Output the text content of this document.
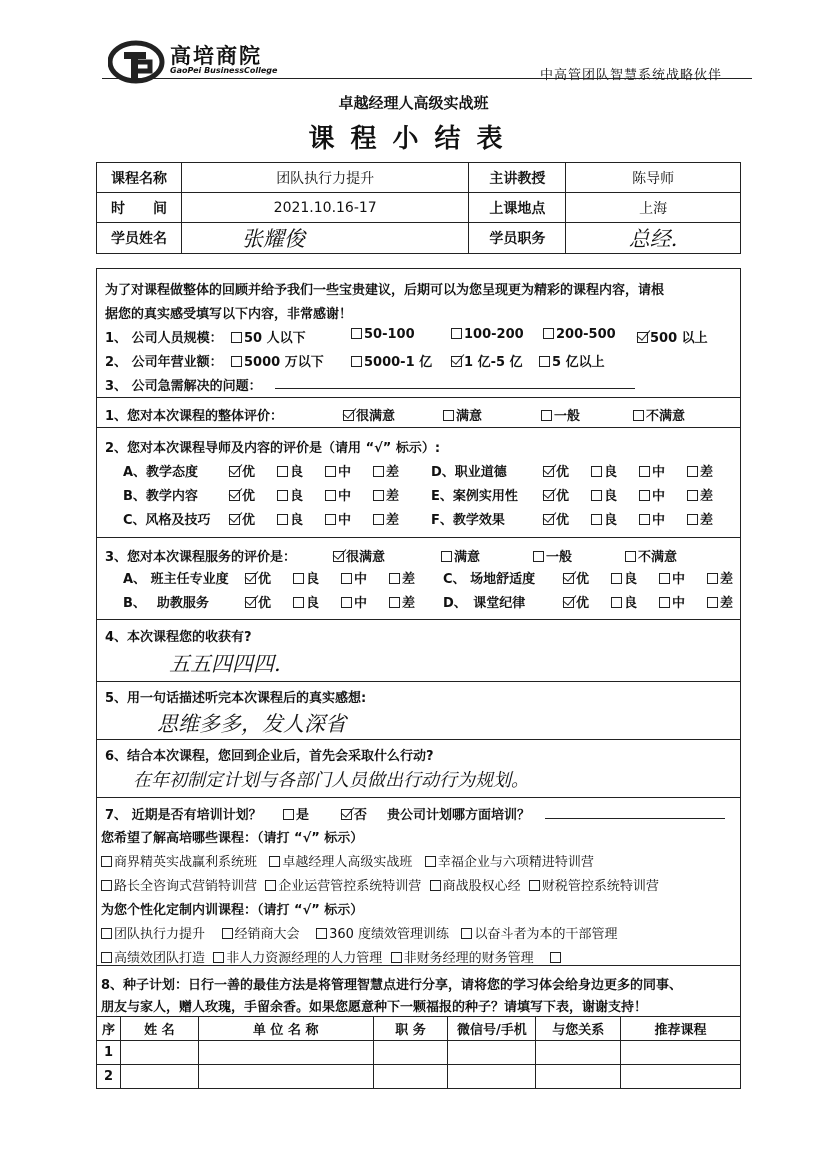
高培商院
GaoPei BusinessCollege	中高管团队智慧系统战略伙伴
卓越经理人高级实战班
课程小结表
课程名称	团队执行力提升	主讲教授	陈导师
时　　间	2021.10.16-17	上课地点	上海
学员姓名	张耀俊	学员职务	总经.
为了对课程做整体的回顾并给予我们一些宝贵建议，后期可以为您呈现更为精彩的课程内容，请根
据您的真实感受填写以下内容，非常感谢！
1、 公司人员规模：	50 人以下	50-100	100-200	200-500	500 以上
2、 公司年营业额：	5000 万以下	5000-1 亿	1 亿-5 亿	5 亿以上
3、 公司急需解决的问题：
1、您对本次课程的整体评价：	很满意	满意	一般	不满意
2、您对本次课程导师及内容的评价是（请用 “√” 标示）:
A、教学态度	优	良	中	差
B、教学内容	优	良	中	差
C、风格及技巧	优	良	中	差
D、职业道德	优	良	中	差
E、案例实用性	优	良	中	差
F、教学效果	优	良	中	差
3、您对本次课程服务的评价是：	很满意	满意	一般	不满意
A、 班主任专业度	优	良	中	差
B、　 助教服务	优	良	中	差
C、 场地舒适度	优	良	中	差
D、　课堂纪律	优	良	中	差
4、本次课程您的收获有?
五五四四四.
5、用一句话描述听完本次课程后的真实感想:
思维多多，发人深省
6、结合本次课程，您回到企业后，首先会采取什么行动?
在年初制定计划与各部门人员做出行动行为规划。
7、 近期是否有培训计划？	是	否 贵公司计划哪方面培训？
您希望了解高培哪些课程：（请打 “√” 标示）
商界精英实战赢利系统班 卓越经理人高级实战班 幸福企业与六项精进特训营
路长全咨询式营销特训营 企业运营管控系统特训营 商战股权心经 财税管控系统特训营
为您个性化定制内训课程：（请打 “√” 标示）
团队执行力提升 经销商大会 360 度绩效管理训练 以奋斗者为本的干部管理
高绩效团队打造 非人力资源经理的人力管理 非财务经理的财务管理
8、种子计划：日行一善的最佳方法是将管理智慧点进行分享，请将您的学习体会给身边更多的同事、
朋友与家人，赠人玫瑰，手留余香。如果您愿意种下一颗福报的种子？请填写下表，谢谢支持！
序	姓 名	单 位 名 称	职 务	微信号/手机	与您关系	推荐课程
1						
2						
